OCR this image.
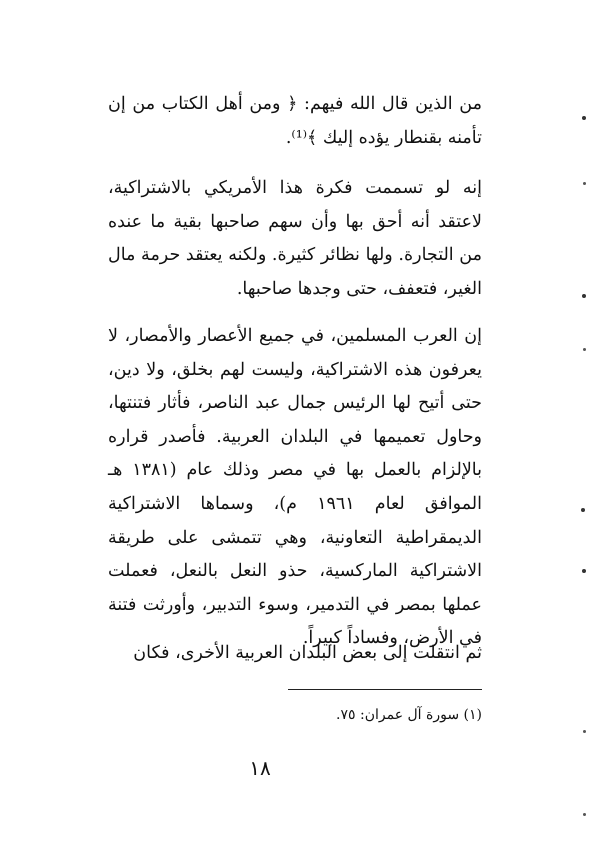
من الذين قال الله فيهم: ﴿ ومن أهل الكتاب من إن تأمنه بقنطار يؤده إليك ﴾⁽¹⁾.

إنه لو تسممت فكرة هذا الأمريكي بالاشتراكية، لاعتقد أنه أحق بها وأن سهم صاحبها بقية ما عنده من التجارة. ولها نظائر كثيرة. ولكنه يعتقد حرمة مال الغير، فتعفف، حتى وجدها صاحبها.

إن العرب المسلمين، في جميع الأعصار والأمصار، لا يعرفون هذه الاشتراكية، وليست لهم بخلق، ولا دين، حتى أتيح لها الرئيس جمال عبد الناصر، فأثار فتنتها، وحاول تعميمها في البلدان العربية. فأصدر قراره بالإلزام بالعمل بها في مصر وذلك عام (١٣٨١ هـ الموافق لعام ١٩٦١ م)، وسماها الاشتراكية الديمقراطية التعاونية، وهي تتمشى على طريقة الاشتراكية الماركسية، حذو النعل بالنعل، فعملت عملها بمصر في التدمير، وسوء التدبير، وأورثت فتنة في الأرض، وفساداً كبيراً.

ثم انتقلت إلى بعض البلدان العربية الأخرى، فكان

(١) سورة آل عمران: ٧٥.
١٨
